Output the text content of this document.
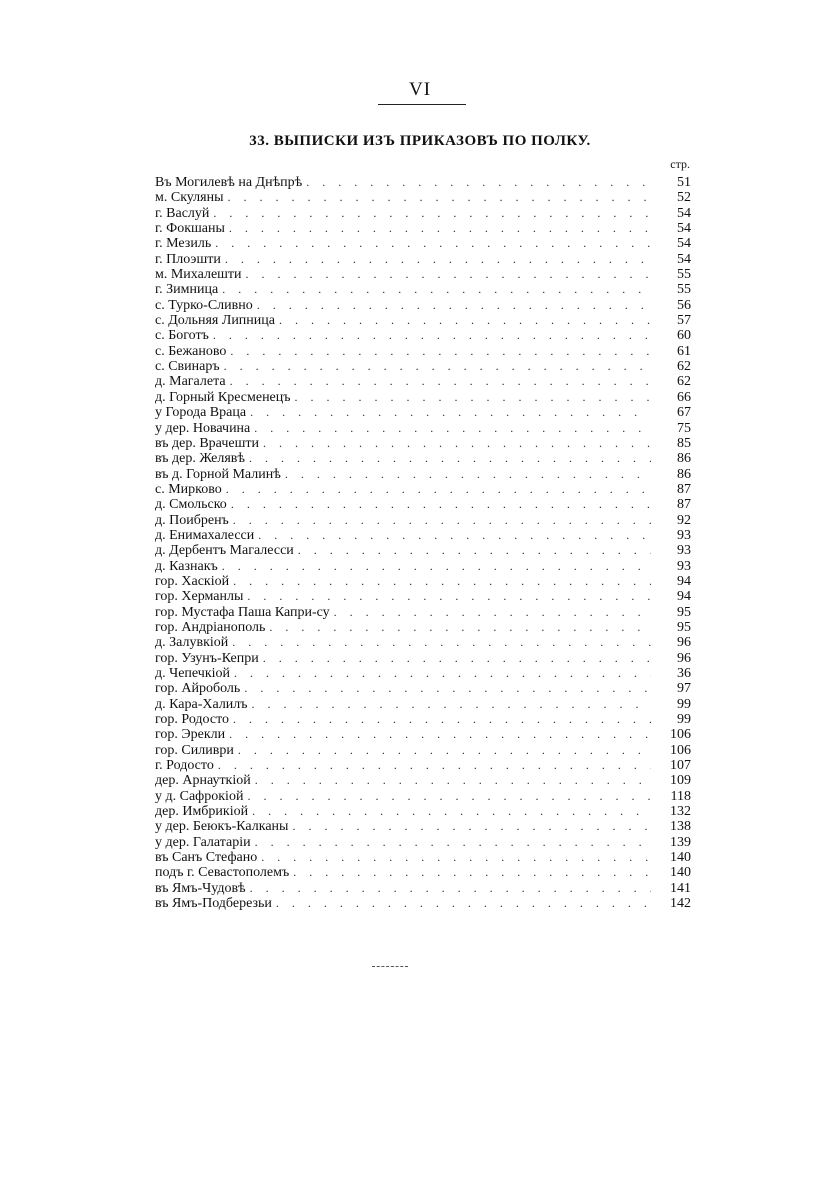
VI
33. ВЫПИСКИ ИЗЪ ПРИКАЗОВЪ ПО ПОЛКУ.
стр.
Въ Могилевѣ на Днѣпрѣ . . .	51
м. Скуляны . . .	52
г. Васлуй . . .	54
г. Фокшаны . . .	54
г. Мезиль . . .	54
г. Плоэшти . . .	54
м. Михалешти . . .	55
г. Зимница . . .	55
с. Турко-Сливно . . .	56
с. Дольняя Липница . . .	57
с. Боготъ . . .	60
с. Бежаново . . .	61
с. Свинаръ . . .	62
д. Магалета . . .	62
д. Горный Кресменецъ . . .	66
у Города Враца . . .	67
у дер. Новачина . . .	75
въ дер. Врачешти . . .	85
въ дер. Желявѣ . . .	86
въ д. Горной Малинѣ . . .	86
с. Мирково . . .	87
д. Смольско . . .	87
д. Поибренъ . . .	92
д. Енимахалесси . . .	93
д. Дербентъ Магалесси . . .	93
д. Казнакъ . . .	93
гор. Хаскіой . . .	94
гор. Херманлы . . .	94
гор. Мустафа Паша Капри-су . . .	95
гор. Андріанополь . . .	95
д. Залувкіой . . .	96
гор. Узунъ-Кепри . . .	96
д. Чепечкіой . . .	36
гор. Айроболь . . .	97
д. Кара-Халилъ . . .	99
гор. Родосто . . .	99
гор. Эрекли . . .	106
гор. Силиври . . .	106
г. Родосто . . .	107
дер. Арнауткіой . . .	109
у д. Сафрокіой . . .	118
дер. Имбрикіой . . .	132
у дер. Беюкъ-Калканы . . .	138
у дер. Галатаріи . . .	139
въ Санъ Стефано . . .	140
подъ г. Севастополемъ . . .	140
въ Ямъ-Чудовѣ . . .	141
въ Ямъ-Подберезьи . . .	142
